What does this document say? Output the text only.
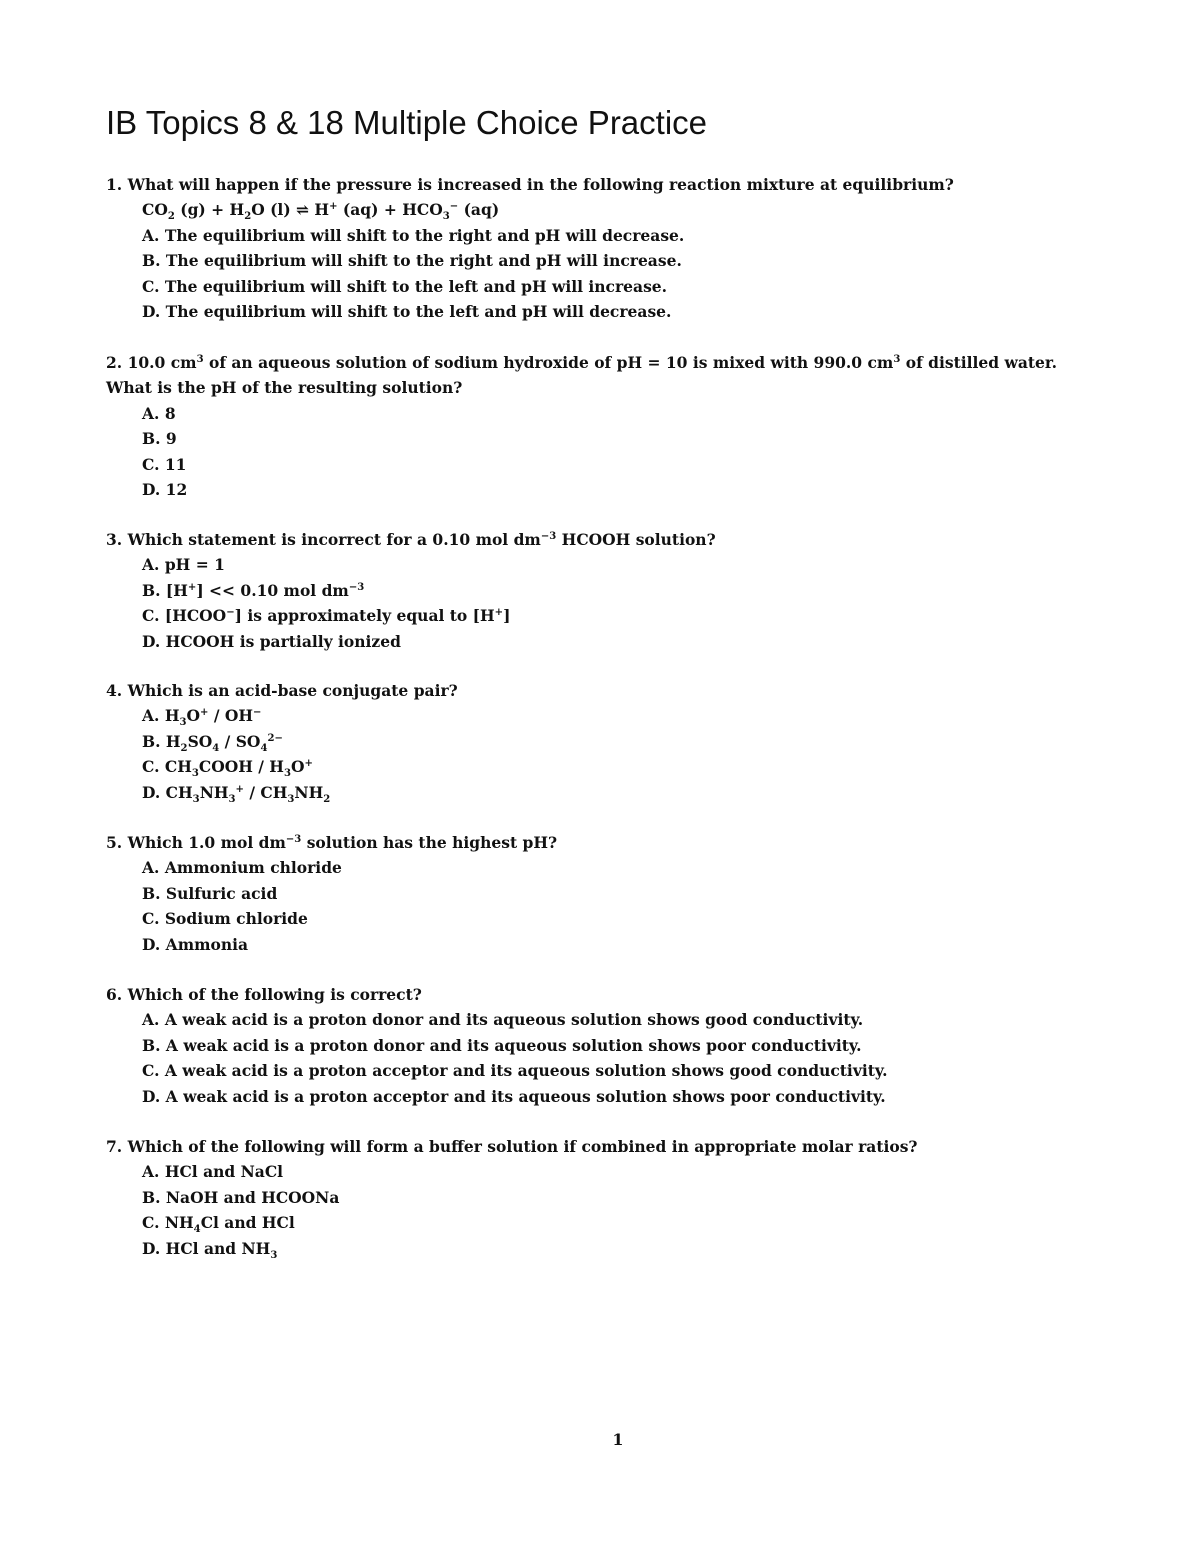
IB Topics 8 & 18 Multiple Choice Practice

1. What will happen if the pressure is increased in the following reaction mixture at equilibrium?

$CO_2$ $(g) + H_2O$ (l) ⇌ H+ $(aq) + HCO_3^-$ (aq)

A. The equilibrium will shift to the right and pH will decrease.

B. The equilibrium will shift to the right and pH will increase.

C. The equilibrium will shift to the left and pH will increase.

D. The equilibrium will shift to the left and pH will decrease.

2. 10.0 $cm^3$ of an aqueous solution of sodium hydroxide of pH = 10 is mixed with 990.0 $cm^3$ of distilled water. What is the pH of the resulting solution?

A. 8

B. 9

C. 11

D. 12

3. Which statement is incorrect for a 0.10 mol $dm^{-3}$ HCOOH solution?

A. pH = 1

B. [H+] << 0.10 mol $dm^{-3}$

C. [HCOO−] is approximately equal to [H+]

D. HCOOH is partially ionized

4. Which is an acid-base conjugate pair?

A. $H_3O^+ / OH^-$

B. $H_2SO_4 / SO_4^{2-}$

C. $CH_3COOH / H_3O^+$

D. $CH_3NH_3^+ / CH_3NH_2$

5. Which 1.0 mol $dm^{-3}$ solution has the highest pH?

A. Ammonium chloride

B. Sulfuric acid

C. Sodium chloride

D. Ammonia

6. Which of the following is correct?

A. A weak acid is a proton donor and its aqueous solution shows good conductivity.

B. A weak acid is a proton donor and its aqueous solution shows poor conductivity.

C. A weak acid is a proton acceptor and its aqueous solution shows good conductivity.

D. A weak acid is a proton acceptor and its aqueous solution shows poor conductivity.

7. Which of the following will form a buffer solution if combined in appropriate molar ratios?

A. HCl and NaCl

B. NaOH and HCOONa

C. $NH_4Cl$ and HCl

D. HCl and $NH_3$

1
